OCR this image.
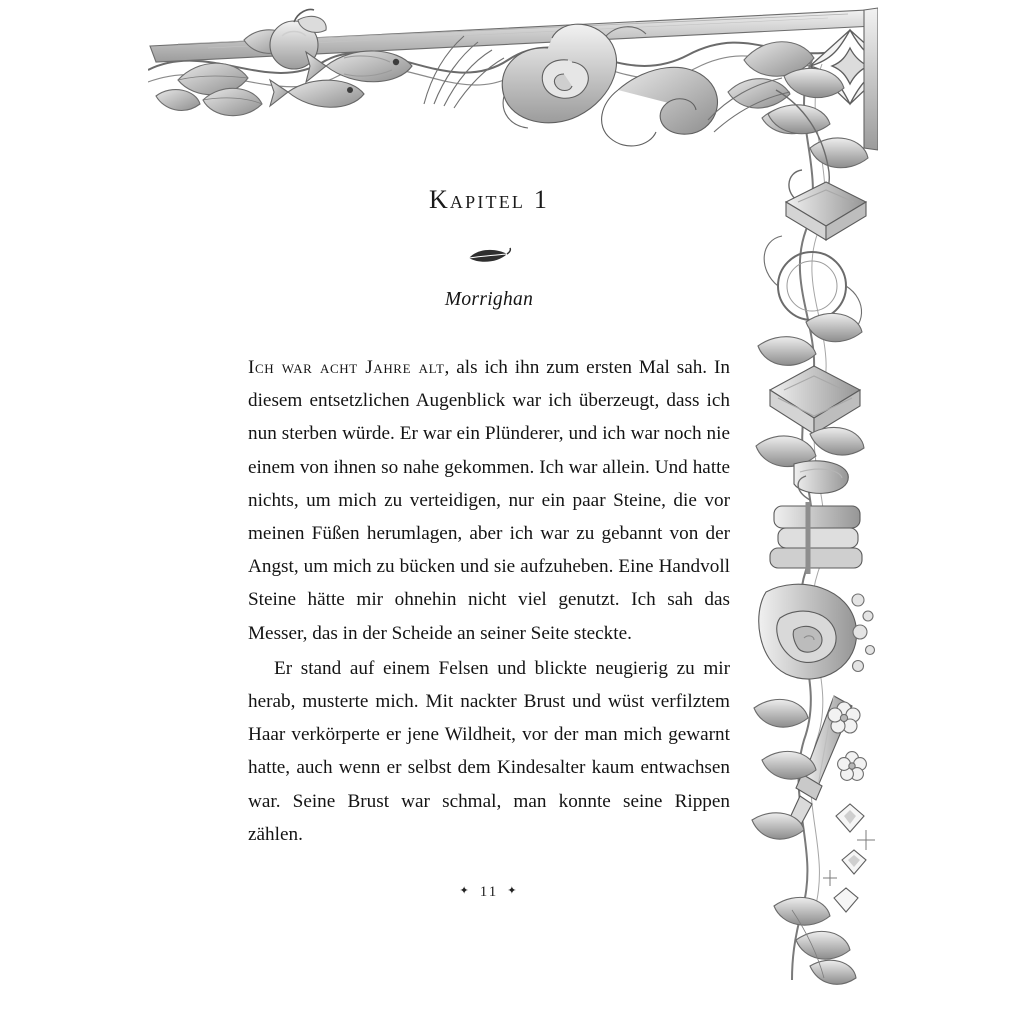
Kapitel 1
Morrighan

Ich war acht Jahre alt, als ich ihn zum ersten Mal sah. In diesem entsetzlichen Augenblick war ich überzeugt, dass ich nun sterben würde. Er war ein Plünderer, und ich war noch nie einem von ihnen so nahe gekommen. Ich war allein. Und hatte nichts, um mich zu verteidigen, nur ein paar Steine, die vor meinen Füßen herumlagen, aber ich war zu gebannt von der Angst, um mich zu bücken und sie aufzuheben. Eine Handvoll Steine hätte mir ohnehin nicht viel genutzt. Ich sah das Messer, das in der Scheide an seiner Seite steckte.

Er stand auf einem Felsen und blickte neugierig zu mir herab, musterte mich. Mit nackter Brust und wüst verfilztem Haar verkörperte er jene Wildheit, vor der man mich gewarnt hatte, auch wenn er selbst dem Kindesalter kaum entwachsen war. Seine Brust war schmal, man konnte seine Rippen zählen.

✦ 11 ✦
